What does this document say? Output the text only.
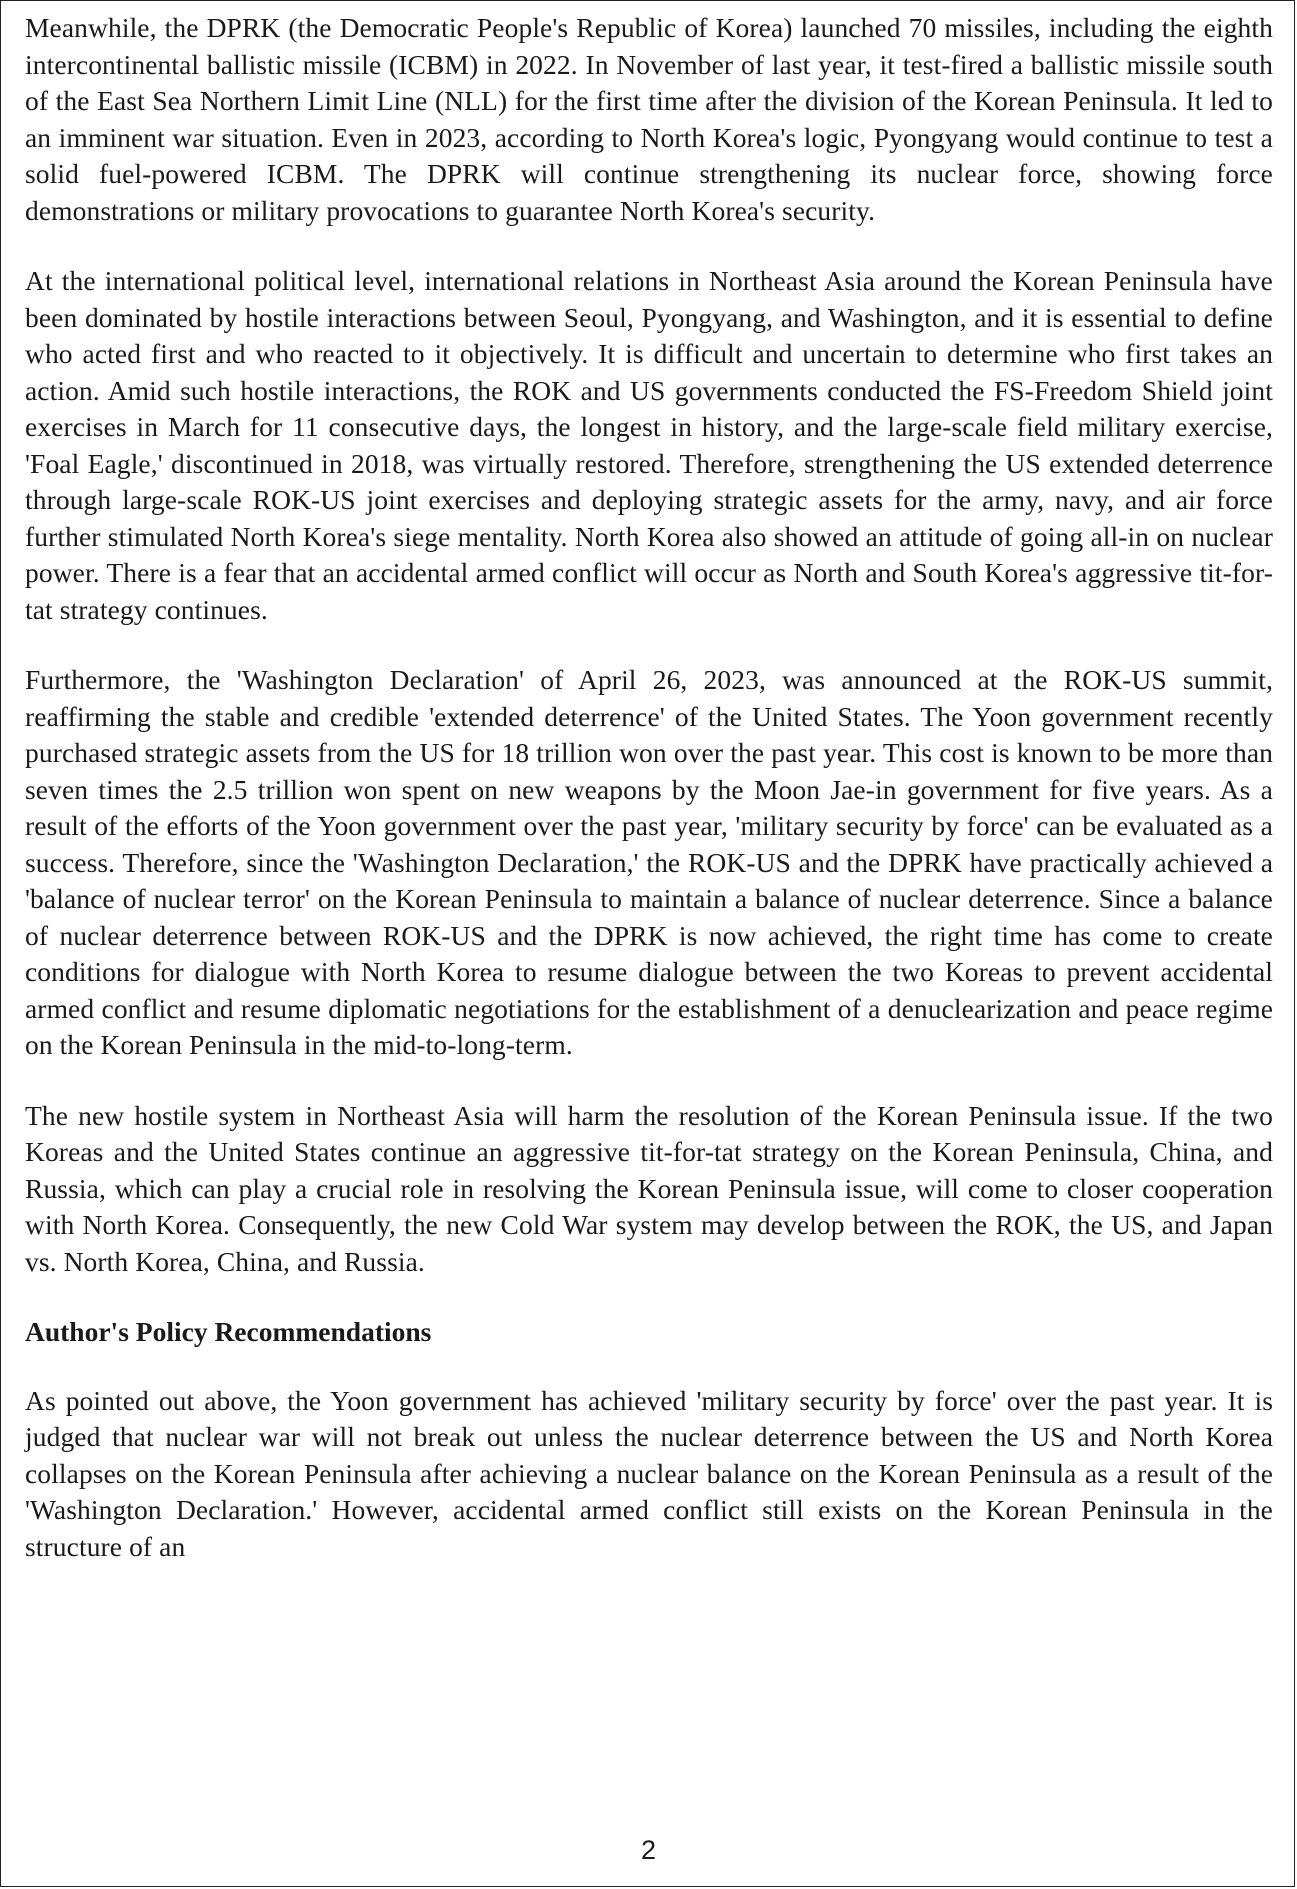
Meanwhile, the DPRK (the Democratic People's Republic of Korea) launched 70 missiles, including the eighth intercontinental ballistic missile (ICBM) in 2022. In November of last year, it test-fired a ballistic missile south of the East Sea Northern Limit Line (NLL) for the first time after the division of the Korean Peninsula. It led to an imminent war situation. Even in 2023, according to North Korea's logic, Pyongyang would continue to test a solid fuel-powered ICBM. The DPRK will continue strengthening its nuclear force, showing force demonstrations or military provocations to guarantee North Korea's security.

At the international political level, international relations in Northeast Asia around the Korean Peninsula have been dominated by hostile interactions between Seoul, Pyongyang, and Washington, and it is essential to define who acted first and who reacted to it objectively. It is difficult and uncertain to determine who first takes an action. Amid such hostile interactions, the ROK and US governments conducted the FS-Freedom Shield joint exercises in March for 11 consecutive days, the longest in history, and the large-scale field military exercise, 'Foal Eagle,' discontinued in 2018, was virtually restored. Therefore, strengthening the US extended deterrence through large-scale ROK-US joint exercises and deploying strategic assets for the army, navy, and air force further stimulated North Korea's siege mentality. North Korea also showed an attitude of going all-in on nuclear power. There is a fear that an accidental armed conflict will occur as North and South Korea's aggressive tit-for-tat strategy continues.

Furthermore, the 'Washington Declaration' of April 26, 2023, was announced at the ROK-US summit, reaffirming the stable and credible 'extended deterrence' of the United States. The Yoon government recently purchased strategic assets from the US for 18 trillion won over the past year. This cost is known to be more than seven times the 2.5 trillion won spent on new weapons by the Moon Jae-in government for five years. As a result of the efforts of the Yoon government over the past year, 'military security by force' can be evaluated as a success. Therefore, since the 'Washington Declaration,' the ROK-US and the DPRK have practically achieved a 'balance of nuclear terror' on the Korean Peninsula to maintain a balance of nuclear deterrence. Since a balance of nuclear deterrence between ROK-US and the DPRK is now achieved, the right time has come to create conditions for dialogue with North Korea to resume dialogue between the two Koreas to prevent accidental armed conflict and resume diplomatic negotiations for the establishment of a denuclearization and peace regime on the Korean Peninsula in the mid-to-long-term.

The new hostile system in Northeast Asia will harm the resolution of the Korean Peninsula issue. If the two Koreas and the United States continue an aggressive tit-for-tat strategy on the Korean Peninsula, China, and Russia, which can play a crucial role in resolving the Korean Peninsula issue, will come to closer cooperation with North Korea. Consequently, the new Cold War system may develop between the ROK, the US, and Japan vs. North Korea, China, and Russia.

Author's Policy Recommendations

As pointed out above, the Yoon government has achieved 'military security by force' over the past year. It is judged that nuclear war will not break out unless the nuclear deterrence between the US and North Korea collapses on the Korean Peninsula after achieving a nuclear balance on the Korean Peninsula as a result of the 'Washington Declaration.' However, accidental armed conflict still exists on the Korean Peninsula in the structure of an

2
